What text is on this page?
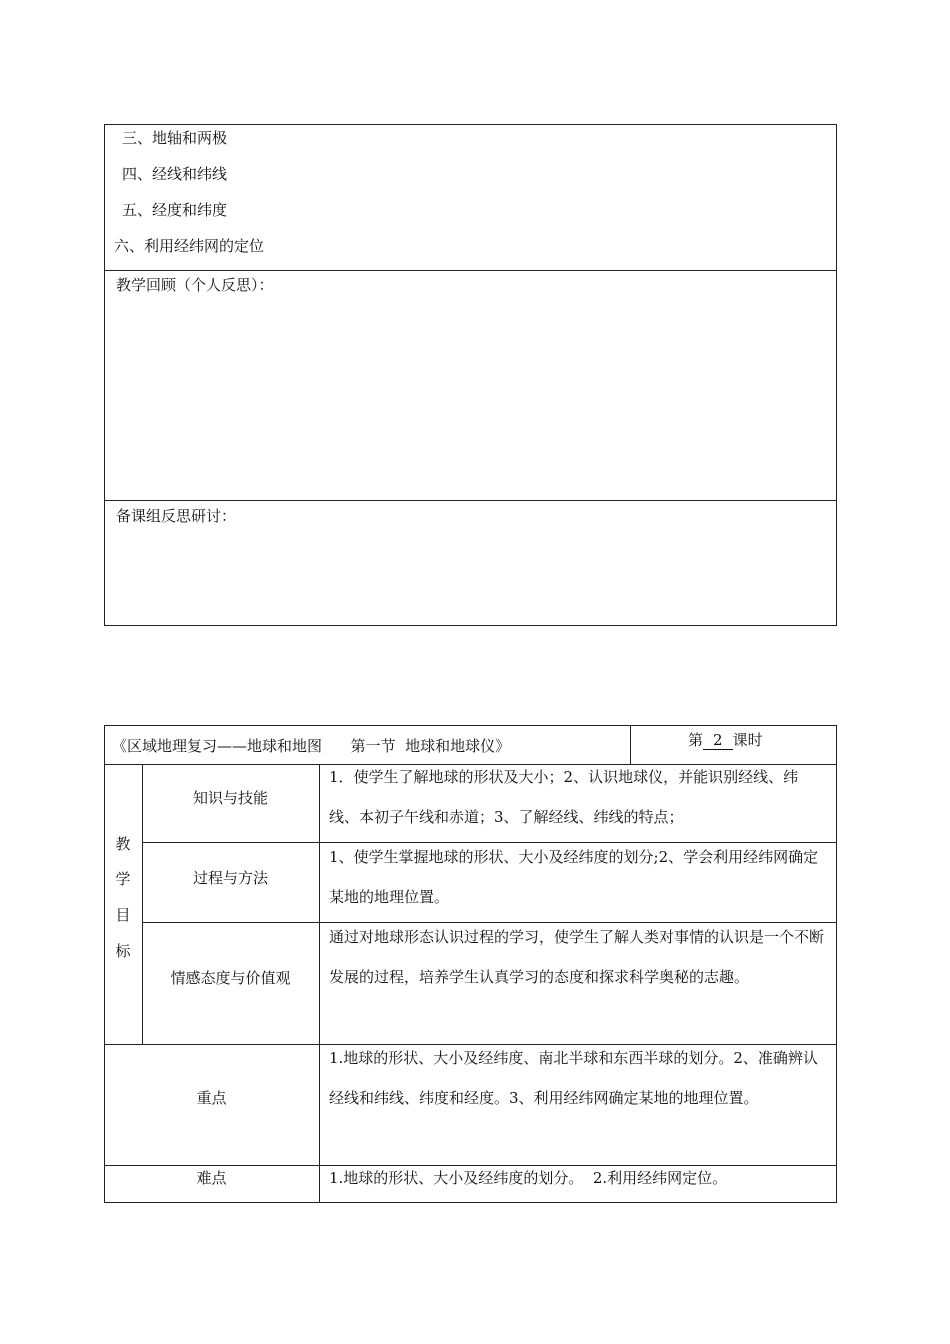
三、地轴和两极
四、经线和纬线
五、经度和纬度
六、利用经纬网的定位
教学回顾（个人反思）：
备课组反思研讨：
《区域地理复习——地球和地图      第一节  地球和地球仪》	第 2 课时
教
学
目
标
知识与技能
1．使学生了解地球的形状及大小；2、认识地球仪，并能识别经线、纬线、本初子午线和赤道；3、了解经线、纬线的特点；
过程与方法
1、使学生掌握地球的形状、大小及经纬度的划分;2、学会利用经纬网确定某地的地理位置。
情感态度与价值观
通过对地球形态认识过程的学习，使学生了解人类对事情的认识是一个不断发展的过程，培养学生认真学习的态度和探求科学奥秘的志趣。
重点
1.地球的形状、大小及经纬度、南北半球和东西半球的划分。2、准确辨认经线和纬线、纬度和经度。3、利用经纬网确定某地的地理位置。
难点	1.地球的形状、大小及经纬度的划分。  2.利用经纬网定位。
